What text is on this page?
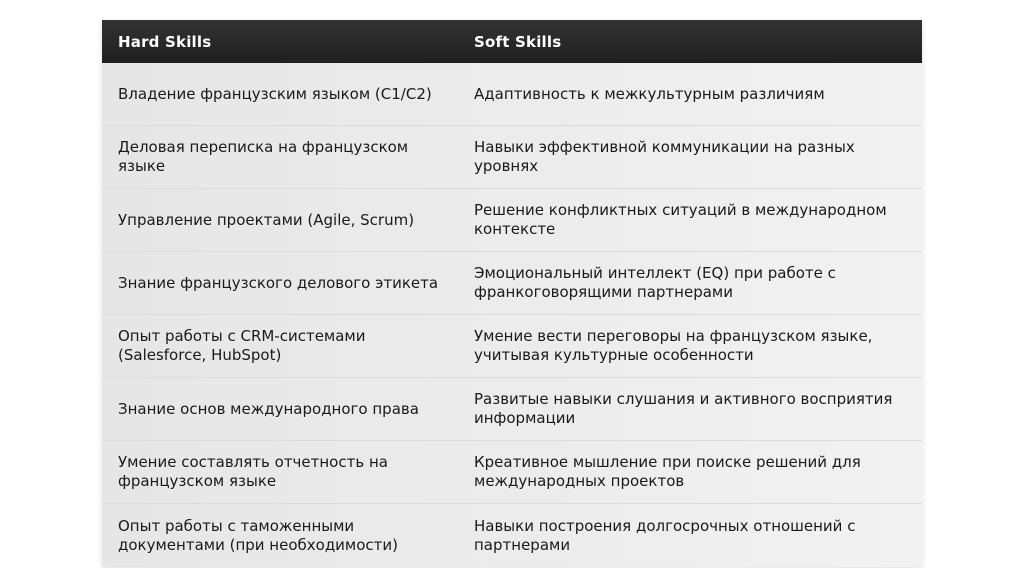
Hard Skills	Soft Skills
Владение французским языком (C1/C2)	Адаптивность к межкультурным различиям
Деловая переписка на французском языке
Навыки эффективной коммуникации на разных уровнях
Управление проектами (Agile, Scrum)
Решение конфликтных ситуаций в международном контексте
Знание французского делового этикета
Эмоциональный интеллект (EQ) при работе с франкоговорящими партнерами
Опыт работы с CRM-системами (Salesforce, HubSpot)
Умение вести переговоры на французском языке, учитывая культурные особенности
Знание основ международного права
Развитые навыки слушания и активного восприятия информации
Умение составлять отчетность на французском языке
Креативное мышление при поиске решений для международных проектов
Опыт работы с таможенными документами (при необходимости)
Навыки построения долгосрочных отношений с партнерами
